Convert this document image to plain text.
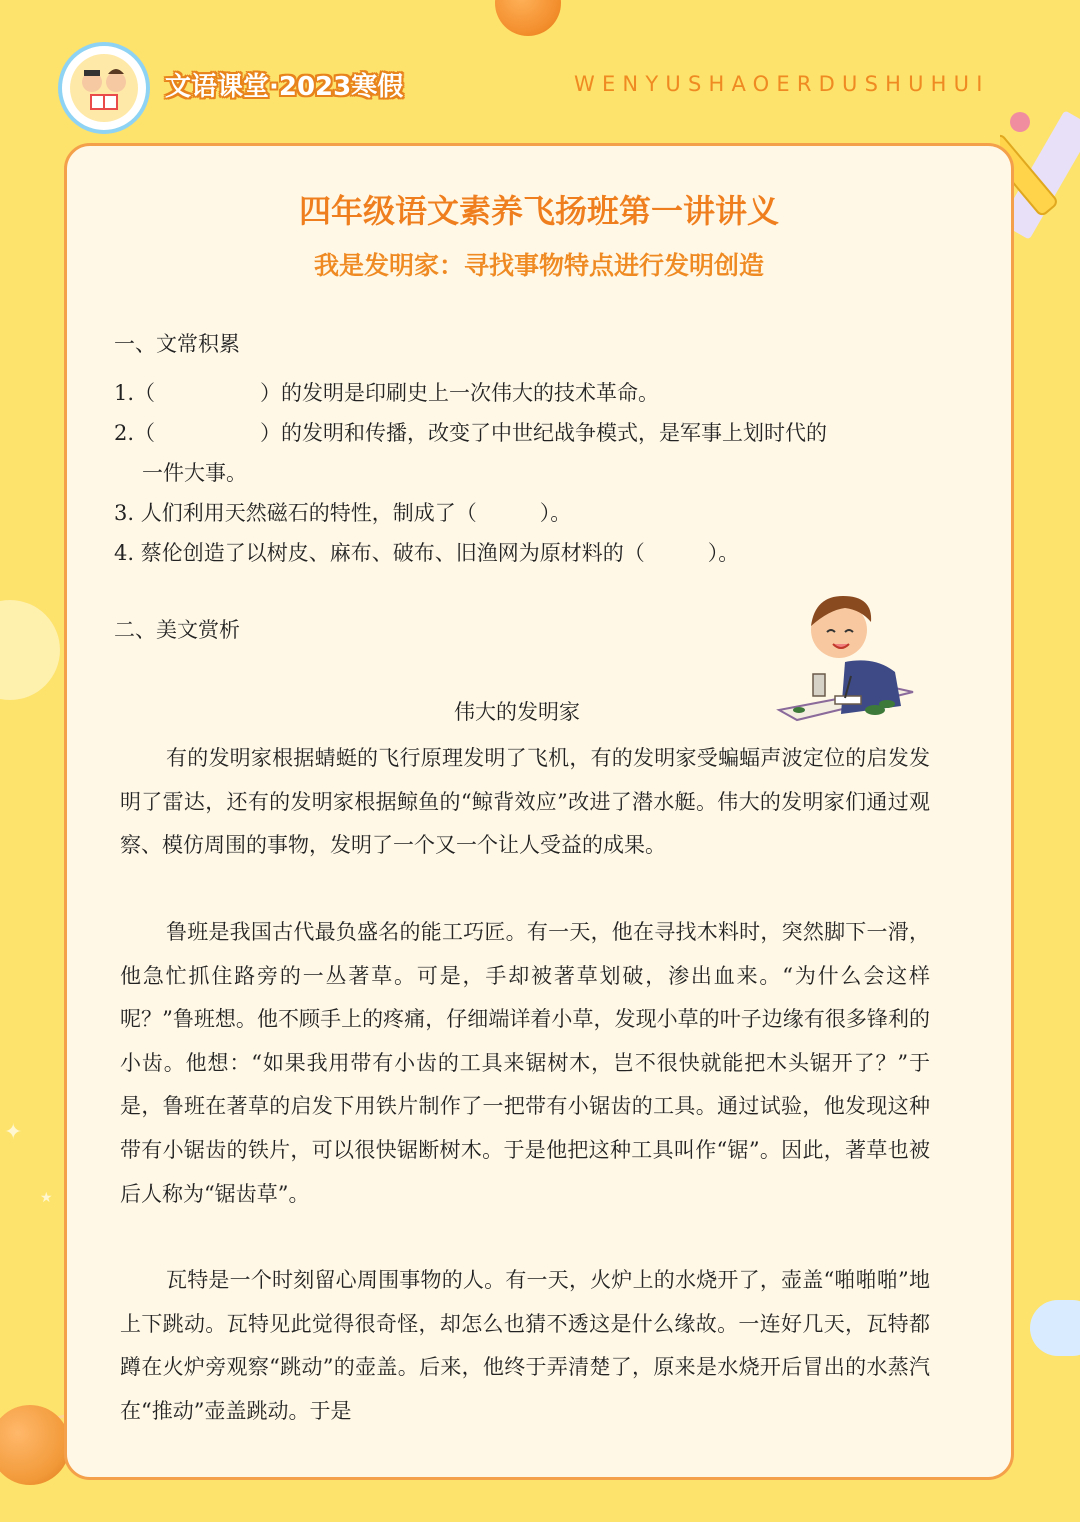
✦
★
文语课堂·2023寒假	WENYUSHAOERDUSHUHUI
四年级语文素养飞扬班第一讲讲义
我是发明家：寻找事物特点进行发明创造
一、文常积累
1.（　　　　　）的发明是印刷史上一次伟大的技术革命。
2.（　　　　　）的发明和传播，改变了中世纪战争模式，是军事上划时代的
一件大事。
3. 人们利用天然磁石的特性，制成了（　　　）。
4. 蔡伦创造了以树皮、麻布、破布、旧渔网为原材料的（　　　）。
二、美文赏析
伟大的发明家

有的发明家根据蜻蜓的飞行原理发明了飞机，有的发明家受蝙蝠声波定位的启发发明了雷达，还有的发明家根据鲸鱼的“鲸背效应”改进了潜水艇。伟大的发明家们通过观察、模仿周围的事物，发明了一个又一个让人受益的成果。

鲁班是我国古代最负盛名的能工巧匠。有一天，他在寻找木料时，突然脚下一滑，他急忙抓住路旁的一丛著草。可是，手却被著草划破，渗出血来。“为什么会这样呢？”鲁班想。他不顾手上的疼痛，仔细端详着小草，发现小草的叶子边缘有很多锋利的小齿。他想：“如果我用带有小齿的工具来锯树木，岂不很快就能把木头锯开了？”于是，鲁班在著草的启发下用铁片制作了一把带有小锯齿的工具。通过试验，他发现这种带有小锯齿的铁片，可以很快锯断树木。于是他把这种工具叫作“锯”。因此，著草也被后人称为“锯齿草”。

瓦特是一个时刻留心周围事物的人。有一天，火炉上的水烧开了，壶盖“啪啪啪”地上下跳动。瓦特见此觉得很奇怪，却怎么也猜不透这是什么缘故。一连好几天，瓦特都蹲在火炉旁观察“跳动”的壶盖。后来，他终于弄清楚了，原来是水烧开后冒出的水蒸汽在“推动”壶盖跳动。于是
